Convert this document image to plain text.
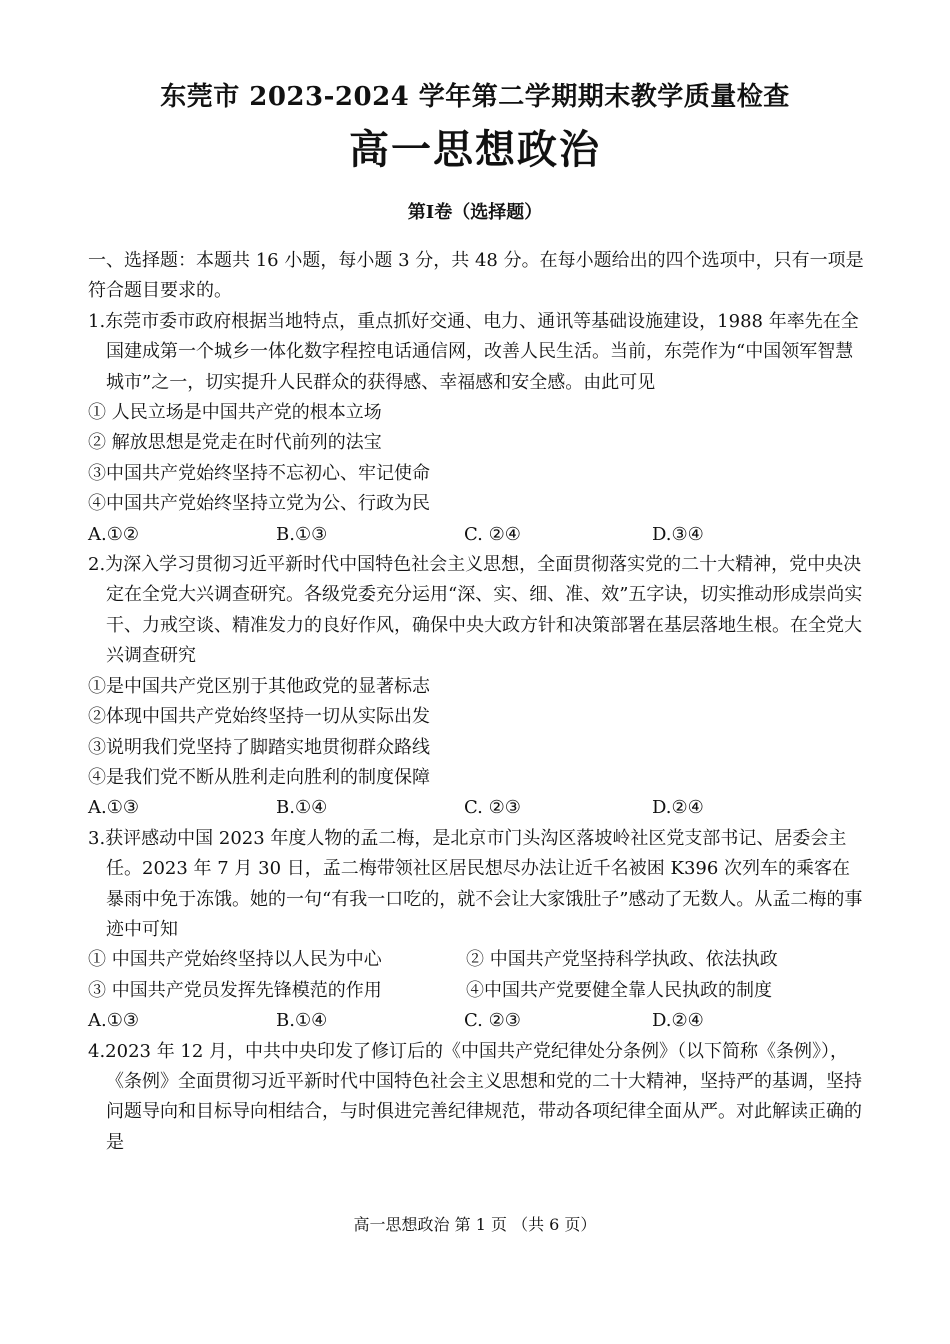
东莞市 2023-2024 学年第二学期期末教学质量检查
高一思想政治
第Ⅰ卷（选择题）
一、选择题：本题共 16 小题，每小题 3 分，共 48 分。在每小题给出的四个选项中，只有一项是符合题目要求的。
1.东莞市委市政府根据当地特点，重点抓好交通、电力、通讯等基础设施建设，1988 年率先在全国建成第一个城乡一体化数字程控电话通信网，改善人民生活。当前，东莞作为“中国领军智慧城市”之一，切实提升人民群众的获得感、幸福感和安全感。由此可见
① 人民立场是中国共产党的根本立场
② 解放思想是党走在时代前列的法宝
③中国共产党始终坚持不忘初心、牢记使命
④中国共产党始终坚持立党为公、行政为民
A.①②	B.①③	C. ②④	D.③④
2.为深入学习贯彻习近平新时代中国特色社会主义思想，全面贯彻落实党的二十大精神，党中央决定在全党大兴调查研究。各级党委充分运用“深、实、细、准、效”五字诀，切实推动形成崇尚实干、力戒空谈、精准发力的良好作风，确保中央大政方针和决策部署在基层落地生根。在全党大兴调查研究
①是中国共产党区别于其他政党的显著标志
②体现中国共产党始终坚持一切从实际出发
③说明我们党坚持了脚踏实地贯彻群众路线
④是我们党不断从胜利走向胜利的制度保障
A.①③	B.①④	C. ②③	D.②④
3.获评感动中国 2023 年度人物的孟二梅，是北京市门头沟区落坡岭社区党支部书记、居委会主任。2023 年 7 月 30 日，孟二梅带领社区居民想尽办法让近千名被困 K396 次列车的乘客在暴雨中免于冻饿。她的一句“有我一口吃的，就不会让大家饿肚子”感动了无数人。从孟二梅的事迹中可知
① 中国共产党始终坚持以人民为中心	② 中国共产党坚持科学执政、依法执政
③ 中国共产党员发挥先锋模范的作用	④中国共产党要健全靠人民执政的制度
A.①③	B.①④	C. ②③	D.②④
4.2023 年 12 月，中共中央印发了修订后的《中国共产党纪律处分条例》（以下简称《条例》），《条例》全面贯彻习近平新时代中国特色社会主义思想和党的二十大精神，坚持严的基调，坚持问题导向和目标导向相结合，与时俱进完善纪律规范，带动各项纪律全面从严。对此解读正确的是
高一思想政治 第 1 页 （共 6 页）
